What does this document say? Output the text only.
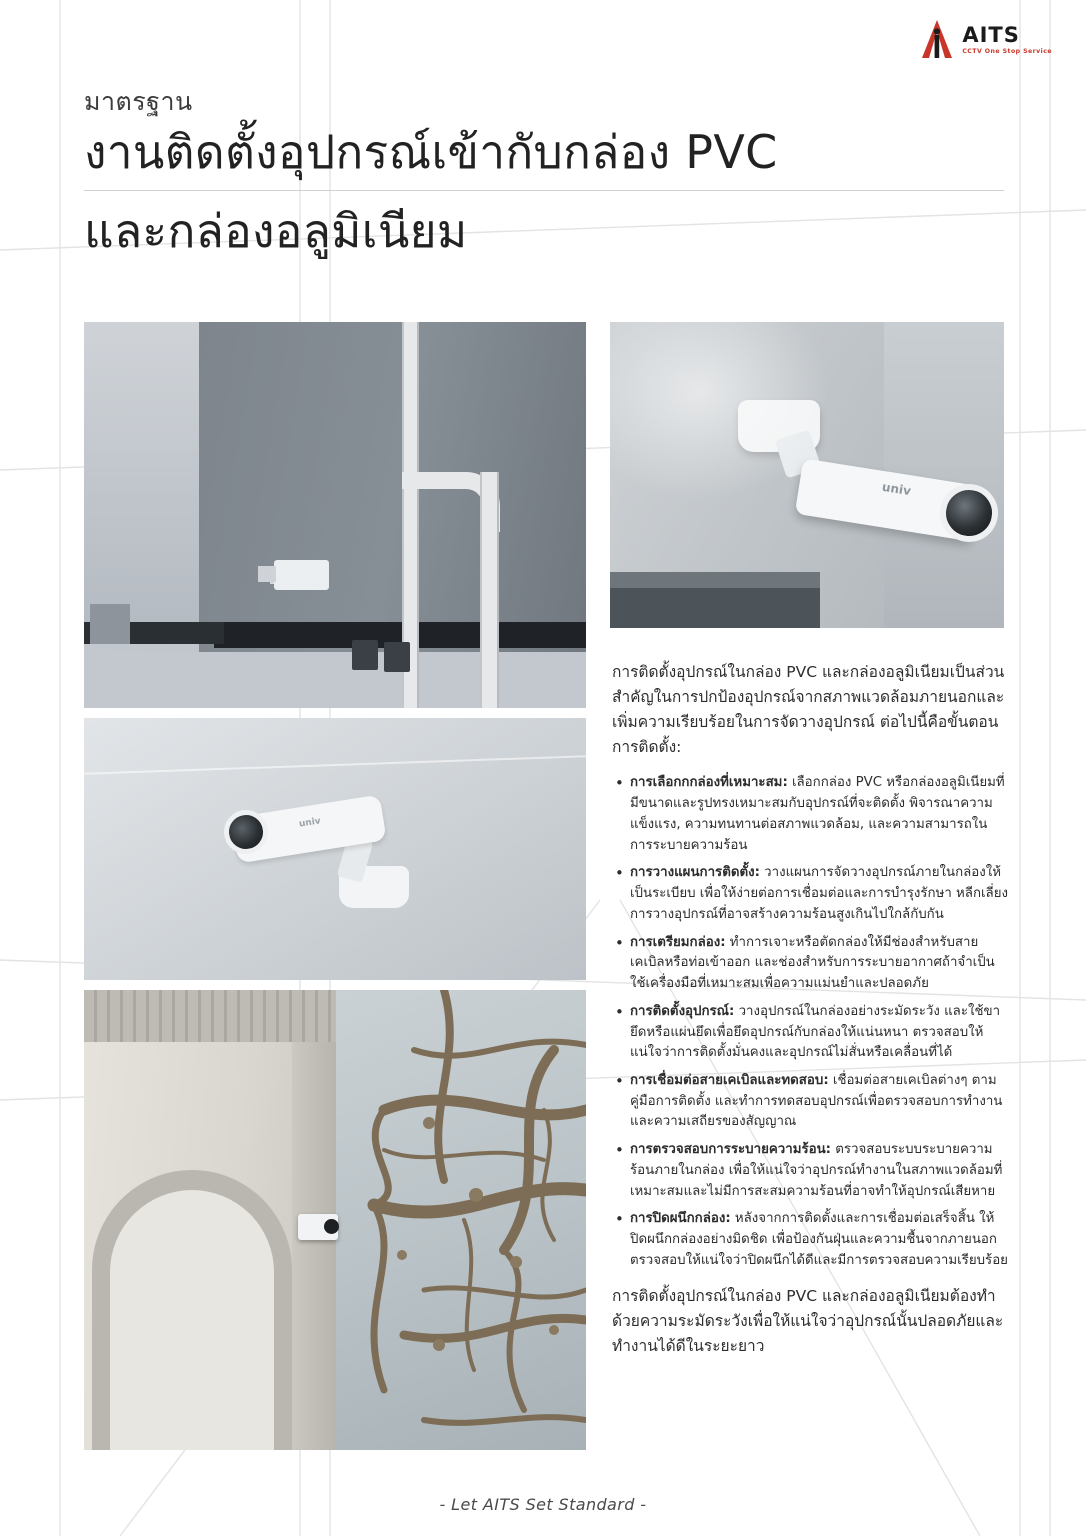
AITS
CCTV One Stop Service
มาตรฐาน
งานติดตั้งอุปกรณ์เข้ากับกล่อง PVC
และกล่องอลูมิเนียม
univ
univ

การติดตั้งอุปกรณ์ในกล่อง PVC และกล่องอลูมิเนียมเป็นส่วนสำคัญในการปกป้องอุปกรณ์จากสภาพแวดล้อมภายนอกและเพิ่มความเรียบร้อยในการจัดวางอุปกรณ์ ต่อไปนี้คือขั้นตอนการติดตั้ง:

• การเลือกกกล่องที่เหมาะสม: เลือกกล่อง PVC หรือกล่องอลูมิเนียมที่มีขนาดและรูปทรงเหมาะสมกับอุปกรณ์ที่จะติดตั้ง พิจารณาความแข็งแรง, ความทนทานต่อสภาพแวดล้อม, และความสามารถในการระบายความร้อน
• การวางแผนการติดตั้ง: วางแผนการจัดวางอุปกรณ์ภายในกล่องให้เป็นระเบียบ เพื่อให้ง่ายต่อการเชื่อมต่อและการบำรุงรักษา หลีกเลี่ยงการวางอุปกรณ์ที่อาจสร้างความร้อนสูงเกินไปใกล้กับกัน
• การเตรียมกล่อง: ทำการเจาะหรือตัดกล่องให้มีช่องสำหรับสายเคเบิลหรือท่อเข้าออก และช่องสำหรับการระบายอากาศถ้าจำเป็น ใช้เครื่องมือที่เหมาะสมเพื่อความแม่นยำและปลอดภัย
• การติดตั้งอุปกรณ์: วางอุปกรณ์ในกล่องอย่างระมัดระวัง และใช้ขายึดหรือแผ่นยึดเพื่อยึดอุปกรณ์กับกล่องให้แน่นหนา ตรวจสอบให้แน่ใจว่าการติดตั้งมั่นคงและอุปกรณ์ไม่สั่นหรือเคลื่อนที่ได้
• การเชื่อมต่อสายเคเบิลและทดสอบ: เชื่อมต่อสายเคเบิลต่างๆ ตามคู่มือการติดตั้ง และทำการทดสอบอุปกรณ์เพื่อตรวจสอบการทำงานและความเสถียรของสัญญาณ
• การตรวจสอบการระบายความร้อน: ตรวจสอบระบบระบายความร้อนภายในกล่อง เพื่อให้แน่ใจว่าอุปกรณ์ทำงานในสภาพแวดล้อมที่เหมาะสมและไม่มีการสะสมความร้อนที่อาจทำให้อุปกรณ์เสียหาย
• การปิดผนึกกล่อง: หลังจากการติดตั้งและการเชื่อมต่อเสร็จสิ้น ให้ปิดผนึกกล่องอย่างมิดชิด เพื่อป้องกันฝุ่นและความชื้นจากภายนอก ตรวจสอบให้แน่ใจว่าปิดผนึกได้ดีและมีการตรวจสอบความเรียบร้อย

การติดตั้งอุปกรณ์ในกล่อง PVC และกล่องอลูมิเนียมต้องทำด้วยความระมัดระวังเพื่อให้แน่ใจว่าอุปกรณ์นั้นปลอดภัยและทำงานได้ดีในระยะยาว

- Let AITS Set Standard -
